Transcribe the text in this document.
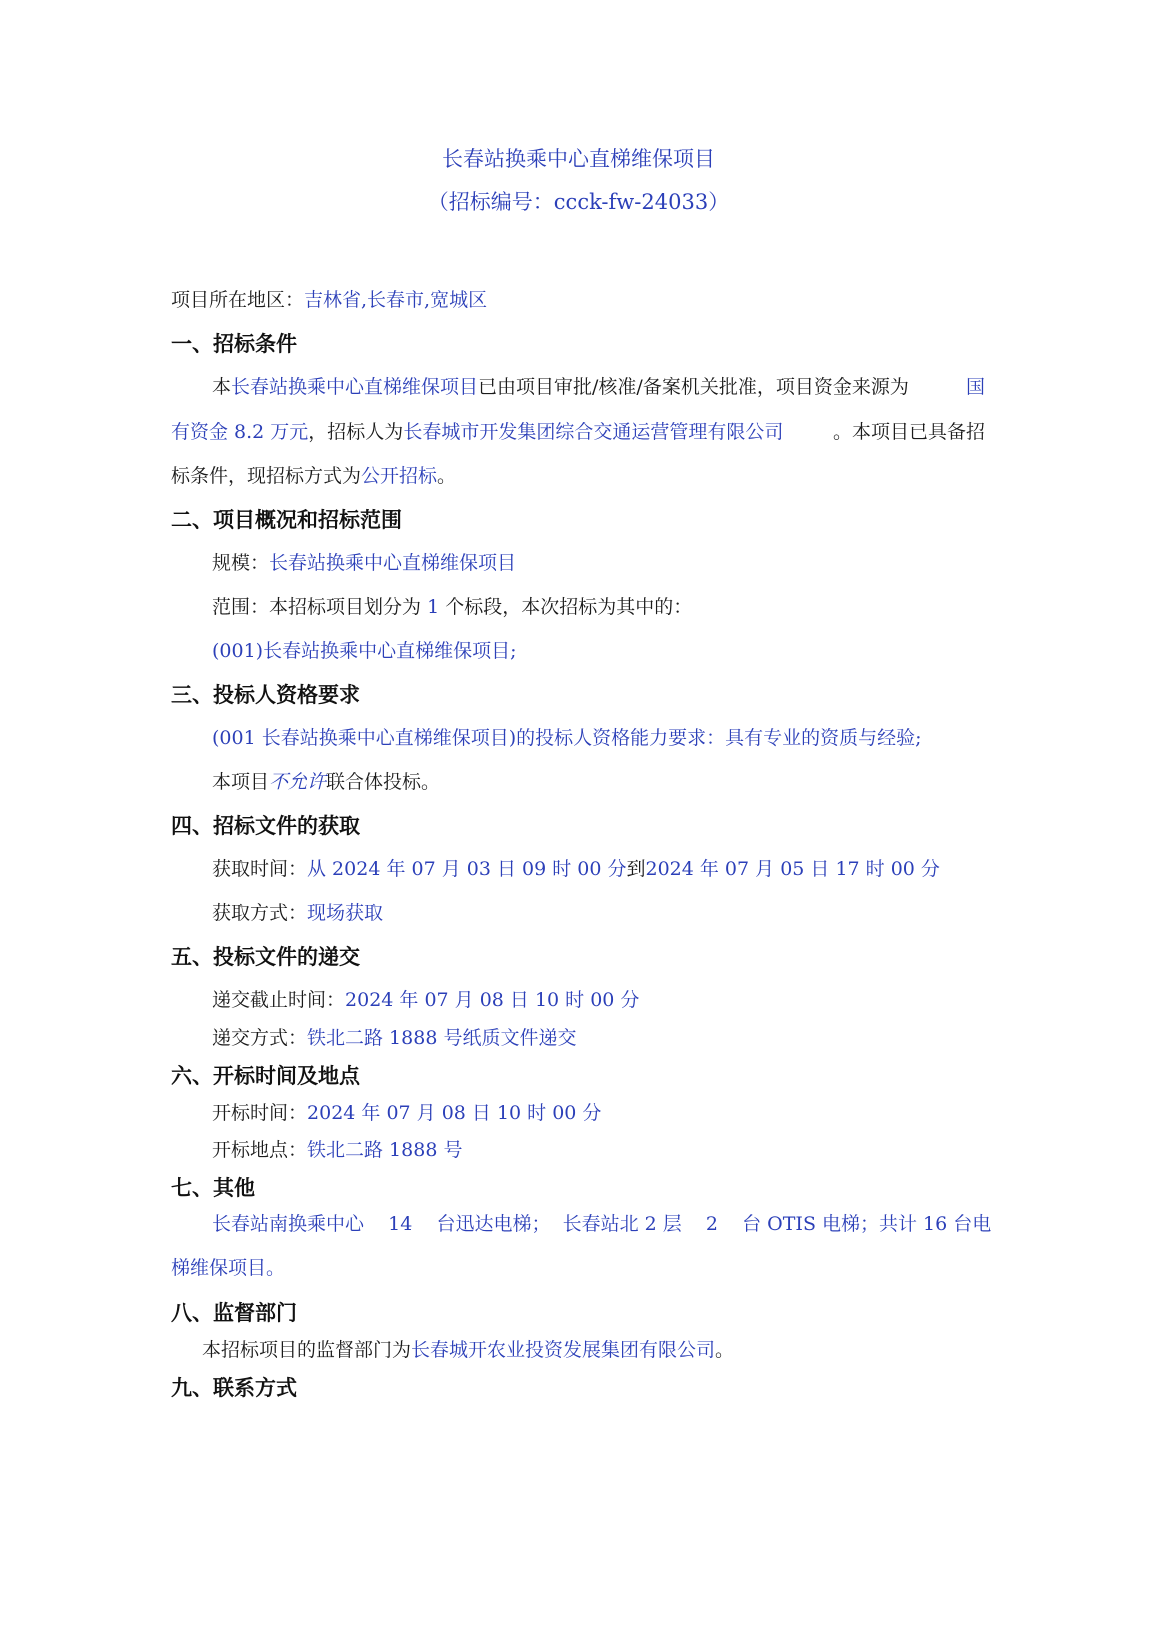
长春站换乘中心直梯维保项目
（招标编号：ccck-fw-24033）
项目所在地区：吉林省,长春市,宽城区
一、招标条件
本长春站换乘中心直梯维保项目已由项目审批/核准/备案机关批准，项目资金来源为	国
有资金 8.2 万元，招标人为长春城市开发集团综合交通运营管理有限公司	。本项目已具备招
标条件，现招标方式为公开招标。
二、项目概况和招标范围
规模：长春站换乘中心直梯维保项目
范围：本招标项目划分为 1 个标段，本次招标为其中的：
(001)长春站换乘中心直梯维保项目;
三、投标人资格要求
(001 长春站换乘中心直梯维保项目)的投标人资格能力要求：具有专业的资质与经验;
本项目不允许联合体投标。
四、招标文件的获取
获取时间：从 2024 年 07 月 03 日 09 时 00 分到2024 年 07 月 05 日 17 时 00 分
获取方式：现场获取
五、投标文件的递交
递交截止时间：2024 年 07 月 08 日 10 时 00 分
递交方式：铁北二路 1888 号纸质文件递交
六、开标时间及地点
开标时间：2024 年 07 月 08 日 10 时 00 分
开标地点：铁北二路 1888 号
七、其他
长春站南换乘中心    14    台迅达电梯；  长春站北 2 层    2    台 OTIS 电梯；共计 16 台电
梯维保项目。
八、监督部门
本招标项目的监督部门为长春城开农业投资发展集团有限公司。
九、联系方式
